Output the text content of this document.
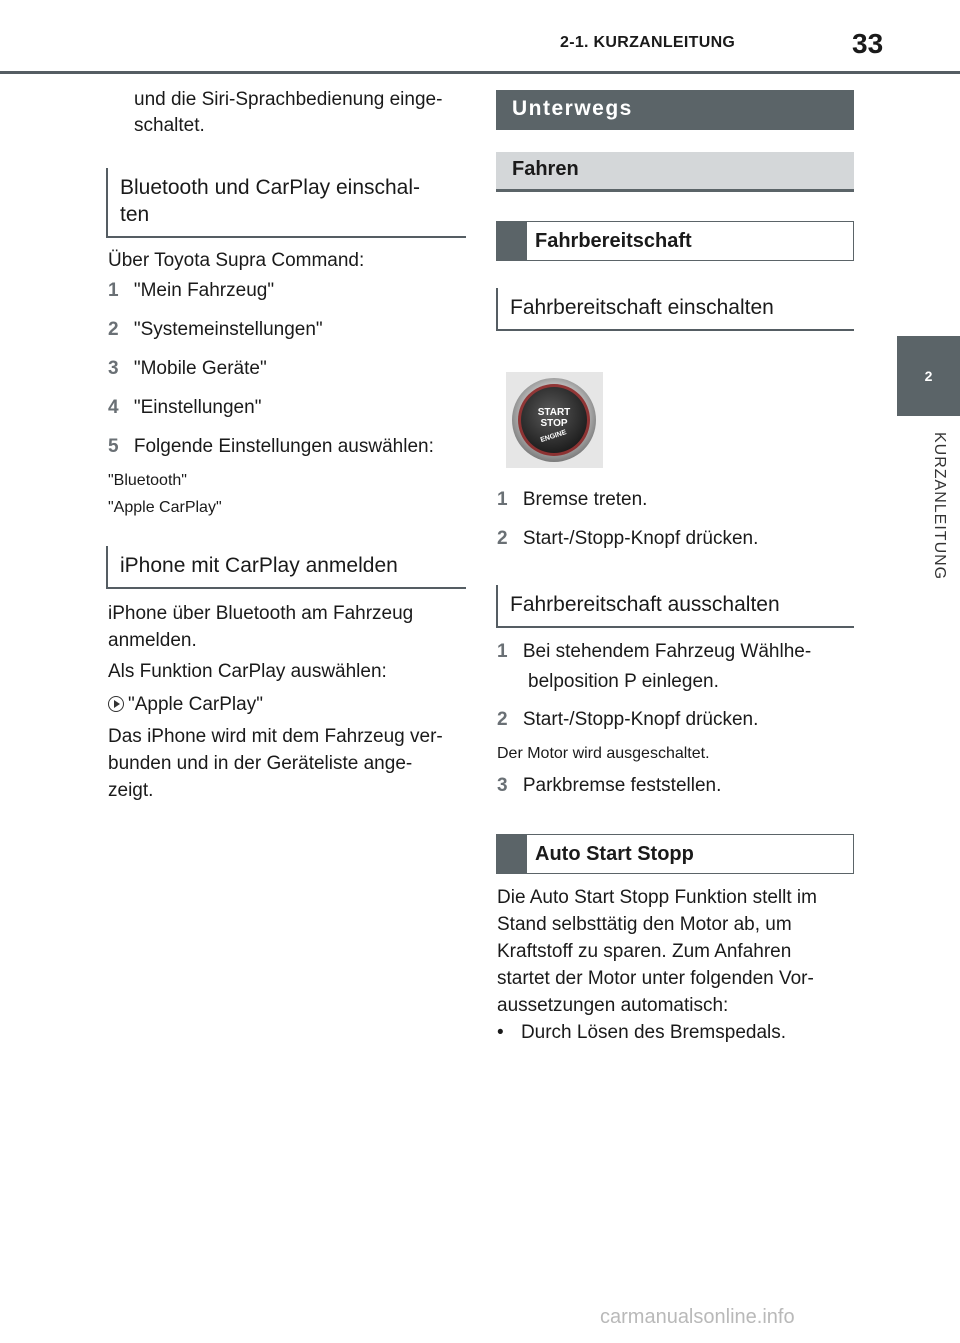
2-1. KURZANLEITUNG	33
2
KURZANLEITUNG
und die Siri-Sprachbedienung einge-
schaltet.
Bluetooth und CarPlay einschal-
ten
Über Toyota Supra Command:
1 "Mein Fahrzeug"
2 "Systemeinstellungen"
3 "Mobile Geräte"
4 "Einstellungen"
5 Folgende Einstellungen auswählen:
"Bluetooth"
"Apple CarPlay"
iPhone mit CarPlay anmelden
iPhone über Bluetooth am Fahrzeug
anmelden.
Als Funktion CarPlay auswählen:
"Apple CarPlay"
Das iPhone wird mit dem Fahrzeug ver-
bunden und in der Geräteliste ange-
zeigt.
Unterwegs
Fahren
Fahrbereitschaft
Fahrbereitschaft einschalten
START
STOP
ENGINE
1 Bremse treten.
2 Start-/Stopp-Knopf drücken.
Fahrbereitschaft ausschalten
1 Bei stehendem Fahrzeug Wählhe-
belposition P einlegen.
2 Start-/Stopp-Knopf drücken.
Der Motor wird ausgeschaltet.
3 Parkbremse feststellen.
Auto Start Stopp
Die Auto Start Stopp Funktion stellt im
Stand selbsttätig den Motor ab, um
Kraftstoff zu sparen. Zum Anfahren
startet der Motor unter folgenden Vor-
aussetzungen automatisch:
• Durch Lösen des Bremspedals.
carmanualsonline.info
